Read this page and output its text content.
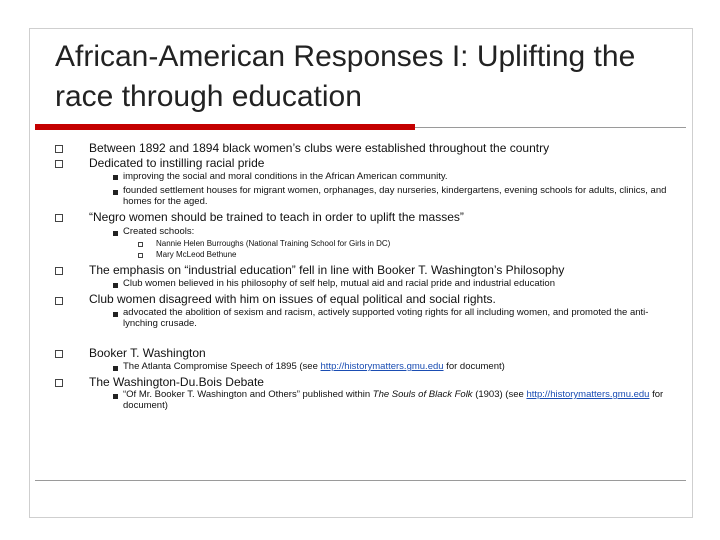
African-American Responses I: Uplifting the race through education
Between 1892 and 1894 black women’s clubs were established throughout the country
Dedicated to instilling racial pride
improving the social and moral conditions in the African American community.
founded settlement houses for migrant women, orphanages, day nurseries, kindergartens, evening schools for adults, clinics, and homes for the aged.
“Negro women should be trained to teach in order to uplift the masses”
Created schools:
Nannie Helen Burroughs (National Training School for Girls in DC)
Mary McLeod Bethune
The emphasis on “industrial education” fell in line with Booker T. Washington’s Philosophy
Club women believed in his philosophy of self help, mutual aid and racial pride and industrial education
Club women disagreed with him on issues of equal political and social rights.
advocated the abolition of sexism and racism, actively supported voting rights for all including women, and promoted the anti-lynching crusade.
Booker T. Washington
The Atlanta Compromise Speech of 1895 (see http://historymatters.gmu.edu for document)
The Washington-Du.Bois Debate
“Of Mr. Booker T. Washington and Others” published within The Souls of Black Folk (1903) (see http://historymatters.gmu.edu for document)
